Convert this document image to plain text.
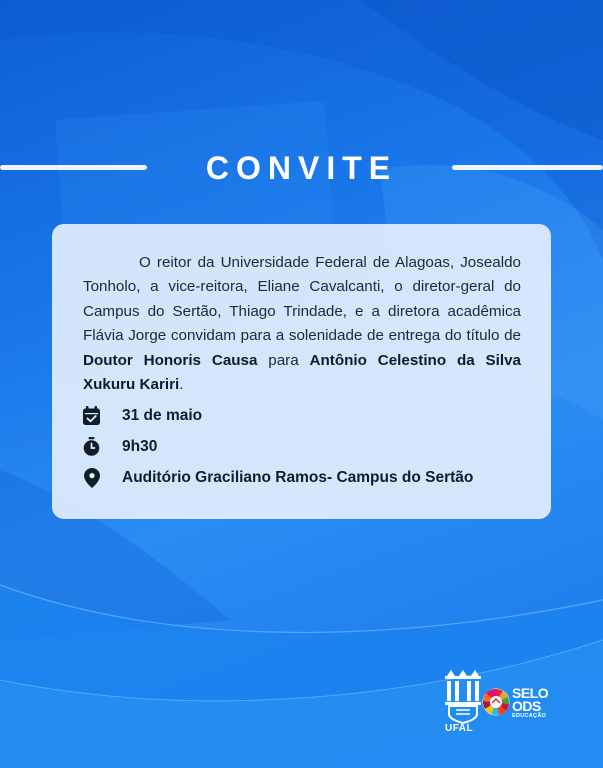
CONVITE

O reitor da Universidade Federal de Alagoas, Josealdo Tonholo, a vice-reitora, Eliane Cavalcanti, o diretor-geral do Campus do Sertão, Thiago Trindade, e a diretora acadêmica Flávia Jorge convidam para a solenidade de entrega do título de Doutor Honoris Causa para Antônio Celestino da Silva Xukuru Kariri.

31 de maio
9h30
Auditório Graciliano Ramos- Campus do Sertão
UFAL
SELO
ODS
EDUCAÇÃO
